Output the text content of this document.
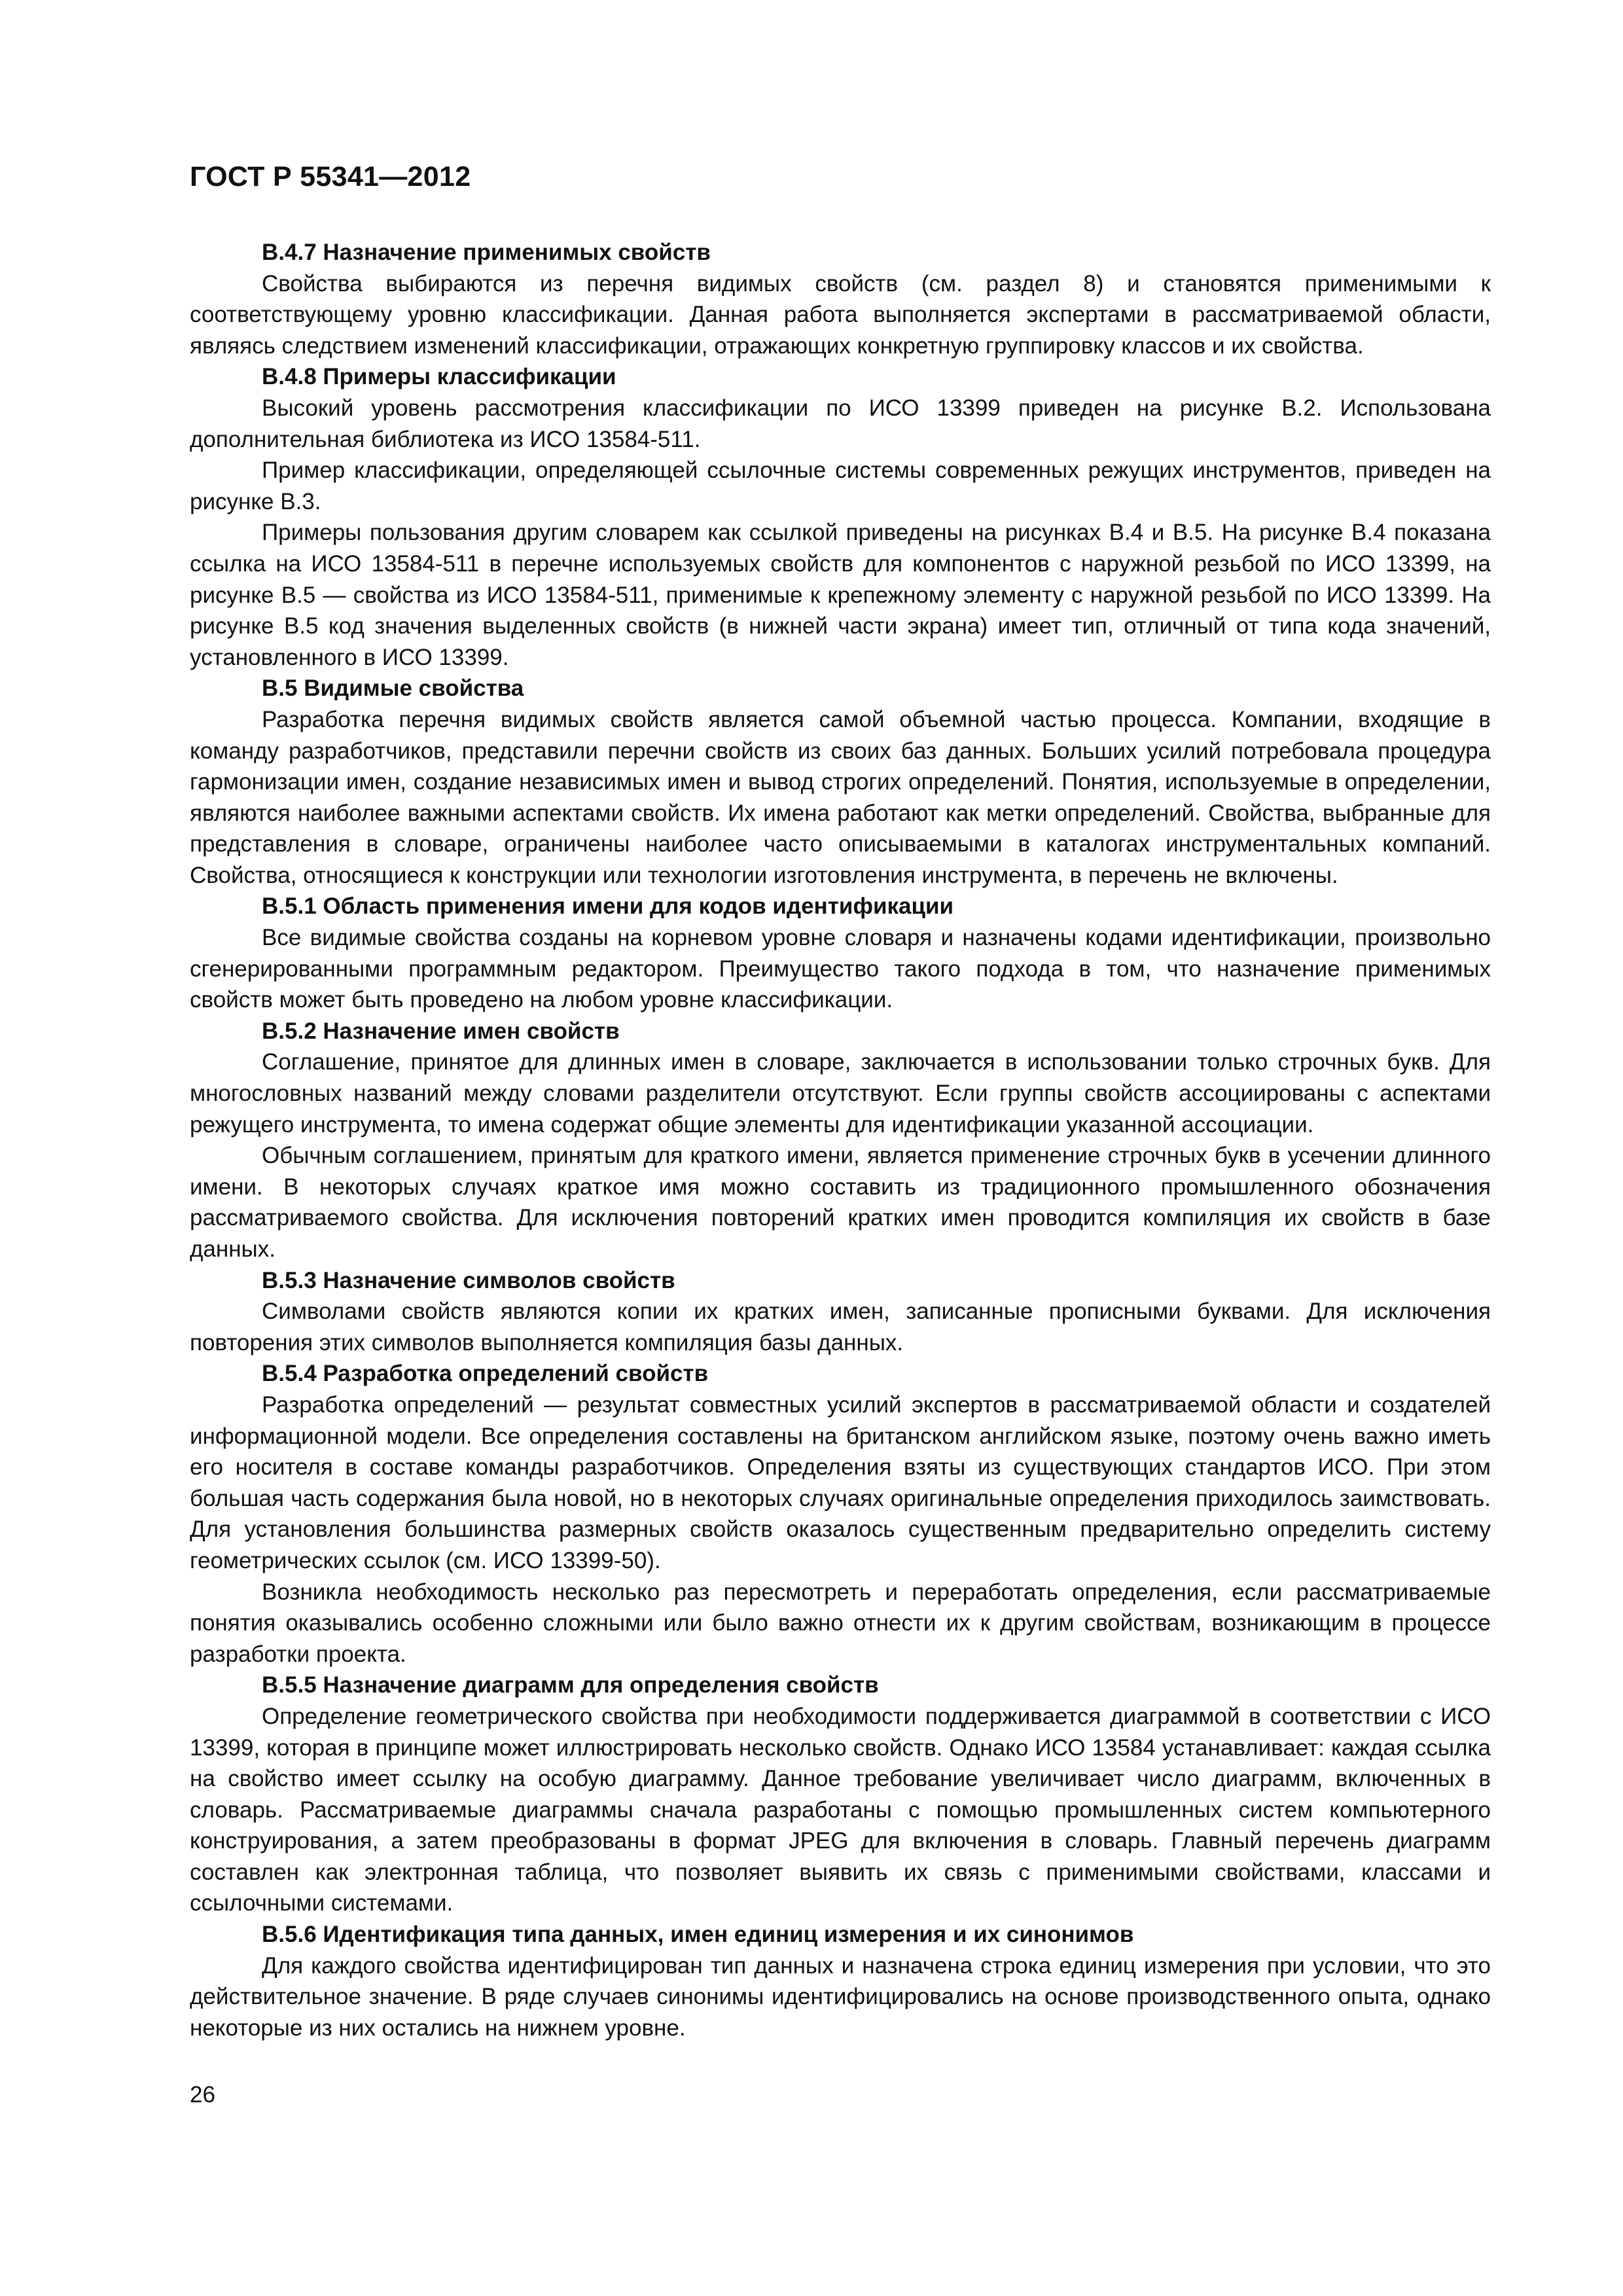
ГОСТ Р 55341—2012
В.4.7 Назначение применимых свойств

Свойства выбираются из перечня видимых свойств (см. раздел 8) и становятся применимыми к соответствующему уровню классификации. Данная работа выполняется экспертами в рассматриваемой области, являясь следствием изменений классификации, отражающих конкретную группировку классов и их свойства.

В.4.8 Примеры классификации

Высокий уровень рассмотрения классификации по ИСО 13399 приведен на рисунке В.2. Использована дополнительная библиотека из ИСО 13584-511.

Пример классификации, определяющей ссылочные системы современных режущих инструментов, приведен на рисунке В.3.

Примеры пользования другим словарем как ссылкой приведены на рисунках В.4 и В.5. На рисунке В.4 показана ссылка на ИСО 13584-511 в перечне используемых свойств для компонентов с наружной резьбой по ИСО 13399, на рисунке В.5 — свойства из ИСО 13584-511, применимые к крепежному элементу с наружной резьбой по ИСО 13399. На рисунке В.5 код значения выделенных свойств (в нижней части экрана) имеет тип, отличный от типа кода значений, установленного в ИСО 13399.

В.5 Видимые свойства

Разработка перечня видимых свойств является самой объемной частью процесса. Компании, входящие в команду разработчиков, представили перечни свойств из своих баз данных. Больших усилий потребовала процедура гармонизации имен, создание независимых имен и вывод строгих определений. Понятия, используемые в определении, являются наиболее важными аспектами свойств. Их имена работают как метки определений. Свойства, выбранные для представления в словаре, ограничены наиболее часто описываемыми в каталогах инструментальных компаний. Свойства, относящиеся к конструкции или технологии изготовления инструмента, в перечень не включены.

В.5.1 Область применения имени для кодов идентификации

Все видимые свойства созданы на корневом уровне словаря и назначены кодами идентификации, произвольно сгенерированными программным редактором. Преимущество такого подхода в том, что назначение применимых свойств может быть проведено на любом уровне классификации.

В.5.2 Назначение имен свойств

Соглашение, принятое для длинных имен в словаре, заключается в использовании только строчных букв. Для многословных названий между словами разделители отсутствуют. Если группы свойств ассоциированы с аспектами режущего инструмента, то имена содержат общие элементы для идентификации указанной ассоциации.

Обычным соглашением, принятым для краткого имени, является применение строчных букв в усечении длинного имени. В некоторых случаях краткое имя можно составить из традиционного промышленного обозначения рассматриваемого свойства. Для исключения повторений кратких имен проводится компиляция их свойств в базе данных.

В.5.3 Назначение символов свойств

Символами свойств являются копии их кратких имен, записанные прописными буквами. Для исключения повторения этих символов выполняется компиляция базы данных.

В.5.4 Разработка определений свойств

Разработка определений — результат совместных усилий экспертов в рассматриваемой области и создателей информационной модели. Все определения составлены на британском английском языке, поэтому очень важно иметь его носителя в составе команды разработчиков. Определения взяты из существующих стандартов ИСО. При этом большая часть содержания была новой, но в некоторых случаях оригинальные определения приходилось заимствовать. Для установления большинства размерных свойств оказалось существенным предварительно определить систему геометрических ссылок (см. ИСО 13399-50).

Возникла необходимость несколько раз пересмотреть и переработать определения, если рассматриваемые понятия оказывались особенно сложными или было важно отнести их к другим свойствам, возникающим в процессе разработки проекта.

В.5.5 Назначение диаграмм для определения свойств

Определение геометрического свойства при необходимости поддерживается диаграммой в соответствии с ИСО 13399, которая в принципе может иллюстрировать несколько свойств. Однако ИСО 13584 устанавливает: каждая ссылка на свойство имеет ссылку на особую диаграмму. Данное требование увеличивает число диаграмм, включенных в словарь. Рассматриваемые диаграммы сначала разработаны с помощью промышленных систем компьютерного конструирования, а затем преобразованы в формат JPEG для включения в словарь. Главный перечень диаграмм составлен как электронная таблица, что позволяет выявить их связь с применимыми свойствами, классами и ссылочными системами.

В.5.6 Идентификация типа данных, имен единиц измерения и их синонимов

Для каждого свойства идентифицирован тип данных и назначена строка единиц измерения при условии, что это действительное значение. В ряде случаев синонимы идентифицировались на основе производственного опыта, однако некоторые из них остались на нижнем уровне.

26
